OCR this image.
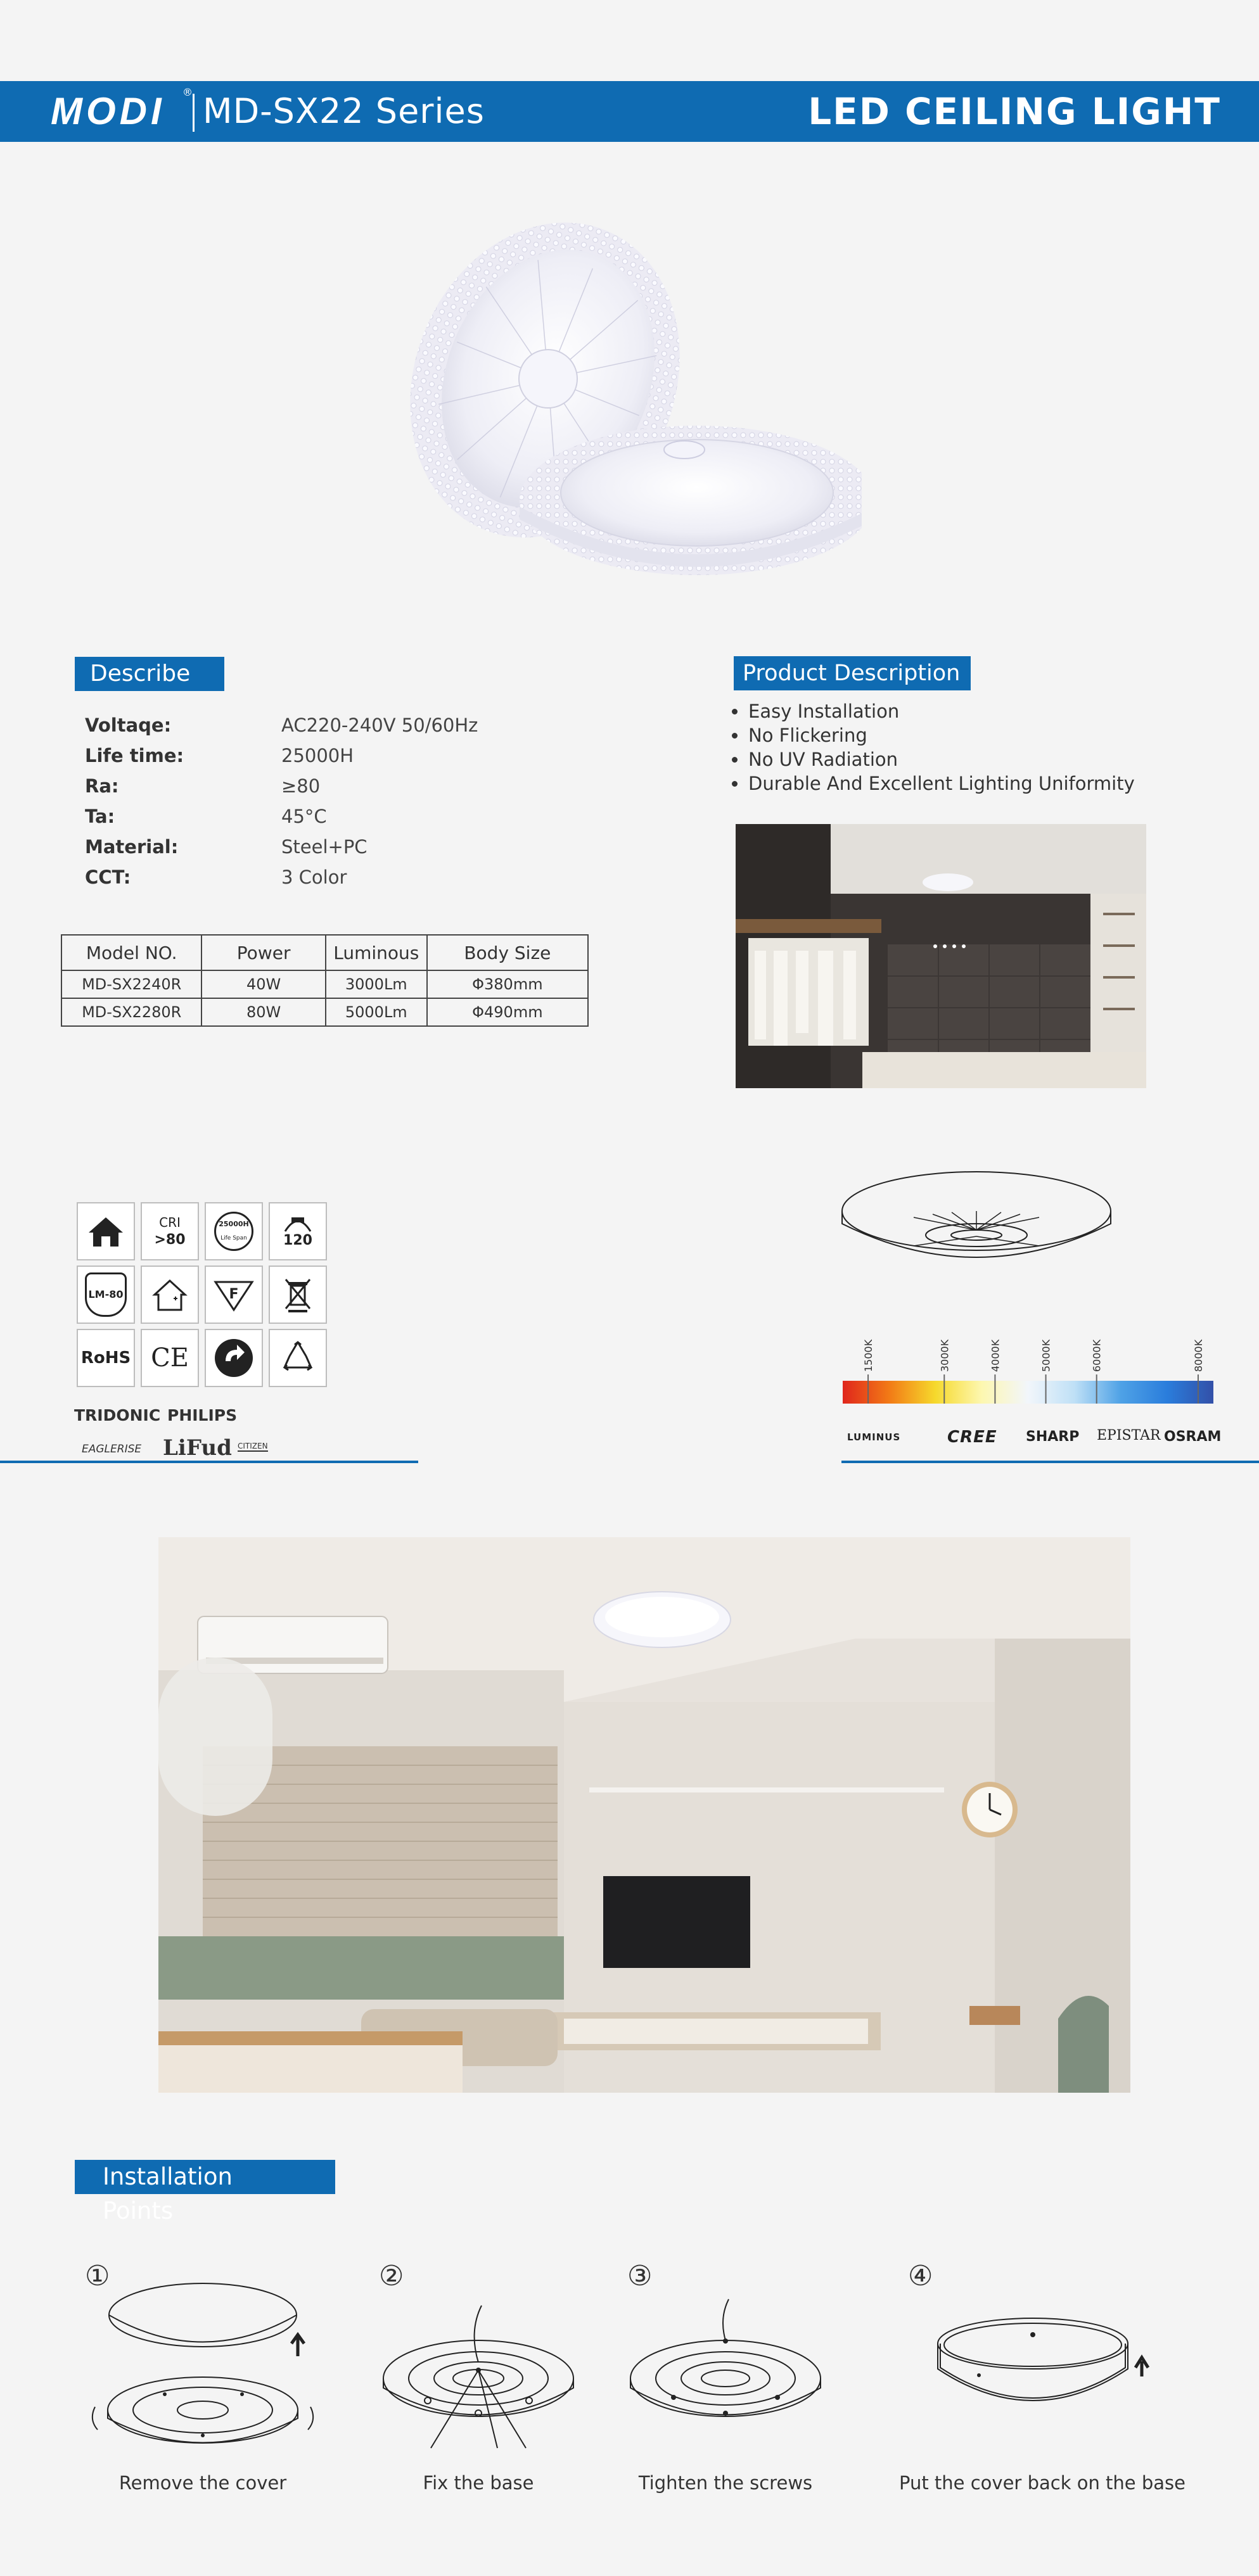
MODI ® MD-SX22 Series	LED CEILING LIGHT
Describe
Voltaqe:	AC220-240V 50/60Hz
Life time:	25000H
Ra:	≥80
Ta:	45°C
Material:	Steel+PC
CCT:	3 Color
Model NO.	Power	Luminous	Body Size
MD-SX2240R	40W	3000Lm	Φ380mm
MD-SX2280R	80W	5000Lm	Φ490mm
Product Description
Easy Installation
No Flickering
No UV Radiation
Durable And Excellent Lighting Uniformity
CRI
>80
25000H
Life Span	120
LM-80	F
RoHS CE
TRIDONIC PHILIPS
EAGLERISE LiFud CITIZEN
1500K	3000K	4000K	5000K	6000K	8000K
LUMINUS	CREE SHARP EPISTAR OSRAM
Installation Points
①
Remove the cover
②
Fix the base
③
Tighten the screws
④
Put the cover back on the base
